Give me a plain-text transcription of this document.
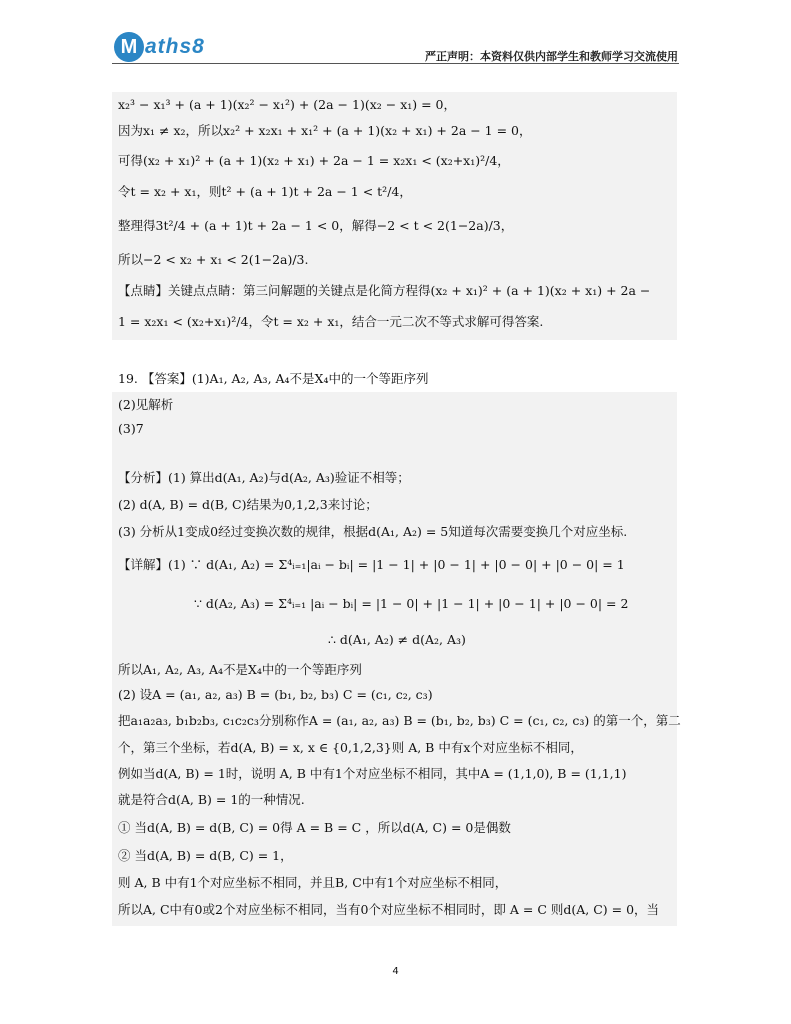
M aths8	严正声明：本资料仅供内部学生和教师学习交流使用
x₂³ − x₁³ + (a + 1)(x₂² − x₁²) + (2a − 1)(x₂ − x₁) = 0，
因为x₁ ≠ x₂，所以x₂² + x₂x₁ + x₁² + (a + 1)(x₂ + x₁) + 2a − 1 = 0，
可得(x₂ + x₁)² + (a + 1)(x₂ + x₁) + 2a − 1 = x₂x₁ < (x₂+x₁)²/4，
令t = x₂ + x₁，则t² + (a + 1)t + 2a − 1 < t²/4，
整理得3t²/4 + (a + 1)t + 2a − 1 < 0，解得−2 < t < 2(1−2a)/3，
所以−2 < x₂ + x₁ < 2(1−2a)/3.
【点睛】关键点点睛：第三问解题的关键点是化简方程得(x₂ + x₁)² + (a + 1)(x₂ + x₁) + 2a −
1 = x₂x₁ < (x₂+x₁)²/4，令t = x₂ + x₁，结合一元二次不等式求解可得答案.
19. 【答案】(1)A₁, A₂, A₃, A₄不是X₄中的一个等距序列
(2)见解析
(3)7
【分析】(1) 算出d(A₁, A₂)与d(A₂, A₃)验证不相等；
(2) d(A, B) = d(B, C)结果为0,1,2,3来讨论；
(3) 分析从1变成0经过变换次数的规律，根据d(A₁, A₂) = 5知道每次需要变换几个对应坐标.
【详解】(1) ∵ d(A₁, A₂) = Σ⁴ᵢ₌₁|aᵢ − bᵢ| = |1 − 1| + |0 − 1| + |0 − 0| + |0 − 0| = 1
∵ d(A₂, A₃) = Σ⁴ᵢ₌₁ |aᵢ − bᵢ| = |1 − 0| + |1 − 1| + |0 − 1| + |0 − 0| = 2
∴ d(A₁, A₂) ≠ d(A₂, A₃)
所以A₁, A₂, A₃, A₄不是X₄中的一个等距序列
(2) 设A = (a₁, a₂, a₃) B = (b₁, b₂, b₃) C = (c₁, c₂, c₃)
把a₁a₂a₃, b₁b₂b₃, c₁c₂c₃分别称作A = (a₁, a₂, a₃) B = (b₁, b₂, b₃) C = (c₁, c₂, c₃) 的第一个，第二
个，第三个坐标，若d(A, B) = x, x ∈ {0,1,2,3}则 A, B 中有x个对应坐标不相同，
例如当d(A, B) = 1时，说明 A, B 中有1个对应坐标不相同，其中A = (1,1,0), B = (1,1,1)
就是符合d(A, B) = 1的一种情况.
① 当d(A, B) = d(B, C) = 0得 A = B = C ，所以d(A, C) = 0是偶数
② 当d(A, B) = d(B, C) = 1，
则 A, B 中有1个对应坐标不相同，并且B, C中有1个对应坐标不相同，
所以A, C中有0或2个对应坐标不相同，当有0个对应坐标不相同时，即 A = C 则d(A, C) = 0，当
4
